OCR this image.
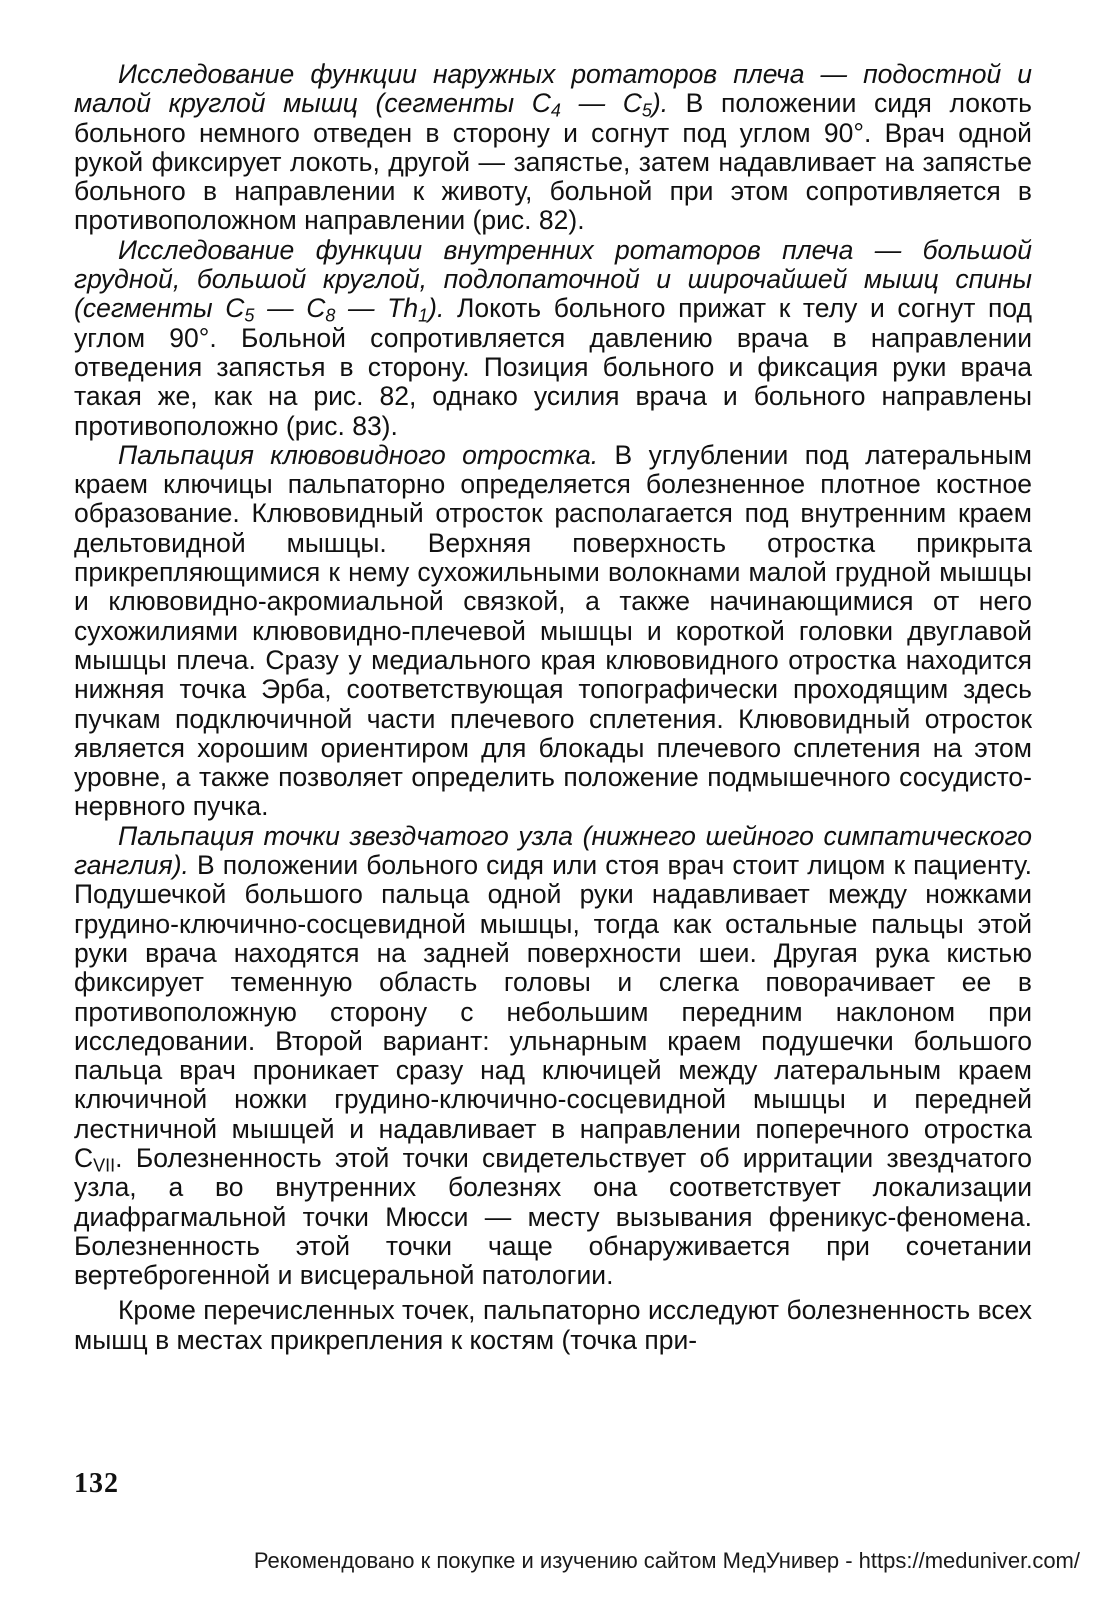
Исследование функции наружных ротаторов плеча — подостной и малой круглой мышц (сегменты $C_4$ — $C_5$). В положении сидя локоть больного немного отведен в сторону и согнут под углом 90°. Врач одной рукой фиксирует локоть, другой — запястье, затем надавливает на запястье больного в направлении к животу, больной при этом сопротивляется в противоположном направлении (рис. 82).

Исследование функции внутренних ротаторов плеча — большой грудной, большой круглой, подлопаточной и широчайшей мышц спины (сегменты $C_5$ — $C_8$ — $Th_1$). Локоть больного прижат к телу и согнут под углом 90°. Больной сопротивляется давлению врача в направлении отведения запястья в сторону. Позиция больного и фиксация руки врача такая же, как на рис. 82, однако усилия врача и больного направлены противоположно (рис. 83).

Пальпация клювовидного отростка. В углублении под латеральным краем ключицы пальпаторно определяется болезненное плотное костное образование. Клювовидный отросток располагается под внутренним краем дельтовидной мышцы. Верхняя поверхность отростка прикрыта прикрепляющимися к нему сухожильными волокнами малой грудной мышцы и клювовидно-акромиальной связкой, а также начинающимися от него сухожилиями клювовидно-плечевой мышцы и короткой головки двуглавой мышцы плеча. Сразу у медиального края клювовидного отростка находится нижняя точка Эрба, соответствующая топографически проходящим здесь пучкам подключичной части плечевого сплетения. Клювовидный отросток является хорошим ориентиром для блокады плечевого сплетения на этом уровне, а также позволяет определить положение подмышечного сосудисто-нервного пучка.

Пальпация точки звездчатого узла (нижнего шейного симпатического ганглия). В положении больного сидя или стоя врач стоит лицом к пациенту. Подушечкой большого пальца одной руки надавливает между ножками грудино-ключично-сосцевидной мышцы, тогда как остальные пальцы этой руки врача находятся на задней поверхности шеи. Другая рука кистью фиксирует теменную область головы и слегка поворачивает ее в противоположную сторону с небольшим передним наклоном при исследовании. Второй вариант: ульнарным краем подушечки большого пальца врач проникает сразу над ключицей между латеральным краем ключичной ножки грудино-ключично-сосцевидной мышцы и передней лестничной мышцей и надавливает в направлении поперечного отростка $C_{VII}$. Болезненность этой точки свидетельствует об ирритации звездчатого узла, а во внутренних болезнях она соответствует локализации диафрагмальной точки Мюсси — месту вызывания френикус-феномена. Болезненность этой точки чаще обнаруживается при сочетании вертеброгенной и висцеральной патологии.

Кроме перечисленных точек, пальпаторно исследуют болезненность всех мышц в местах прикрепления к костям (точка при-

132
Рекомендовано к покупке и изучению сайтом МедУнивер - https://meduniver.com/
